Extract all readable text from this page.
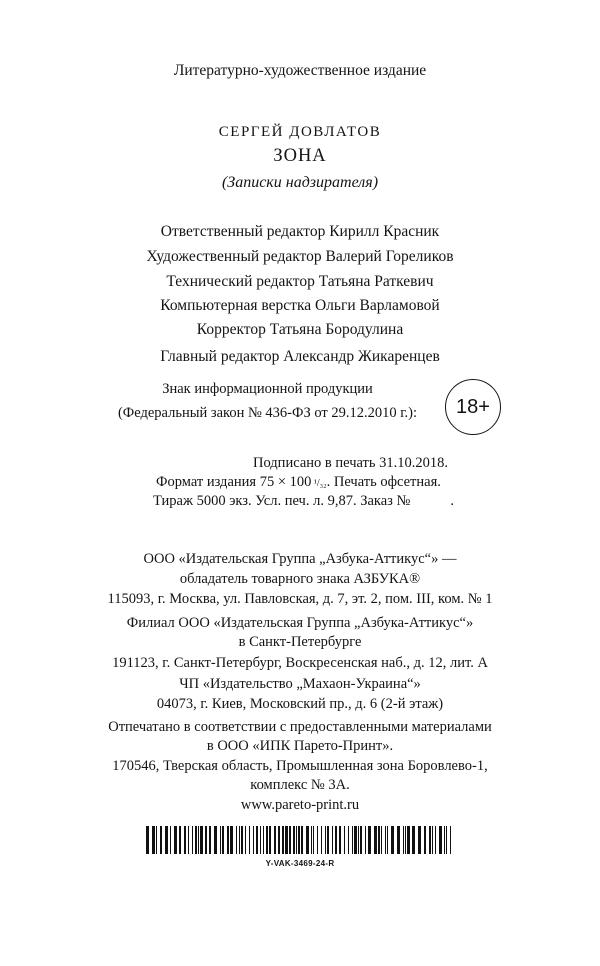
Литературно-художественное издание
СЕРГЕЙ ДОВЛАТОВ
ЗОНА
(Записки надзирателя)
Ответственный редактор Кирилл Красник
Художественный редактор Валерий Гореликов
Технический редактор Татьяна Раткевич
Компьютерная верстка Ольги Варламовой
Корректор Татьяна Бородулина
Главный редактор Александр Жикаренцев
Знак информационной продукции
(Федеральный закон № 436-ФЗ от 29.12.2010 г.):	18+
Подписано в печать 31.10.2018.
Формат издания 75 × 100 ¹/₃₂. Печать офсетная.
Тираж 5000 экз. Усл. печ. л. 9,87. Заказ №	.
ООО «Издательская Группа „Азбука-Аттикус“» —
обладатель товарного знака АЗБУКА®
115093, г. Москва, ул. Павловская, д. 7, эт. 2, пом. III, ком. № 1
Филиал ООО «Издательская Группа „Азбука-Аттикус“»
в Санкт-Петербурге
191123, г. Санкт-Петербург, Воскресенская наб., д. 12, лит. А
ЧП «Издательство „Махаон-Украина“»
04073, г. Киев, Московский пр., д. 6 (2-й этаж)
Отпечатано в соответствии с предоставленными материалами
в ООО «ИПК Парето-Принт».
170546, Тверская область, Промышленная зона Боровлево-1,
комплекс № 3А.
www.pareto-print.ru
Y-VAK-3469-24-R
